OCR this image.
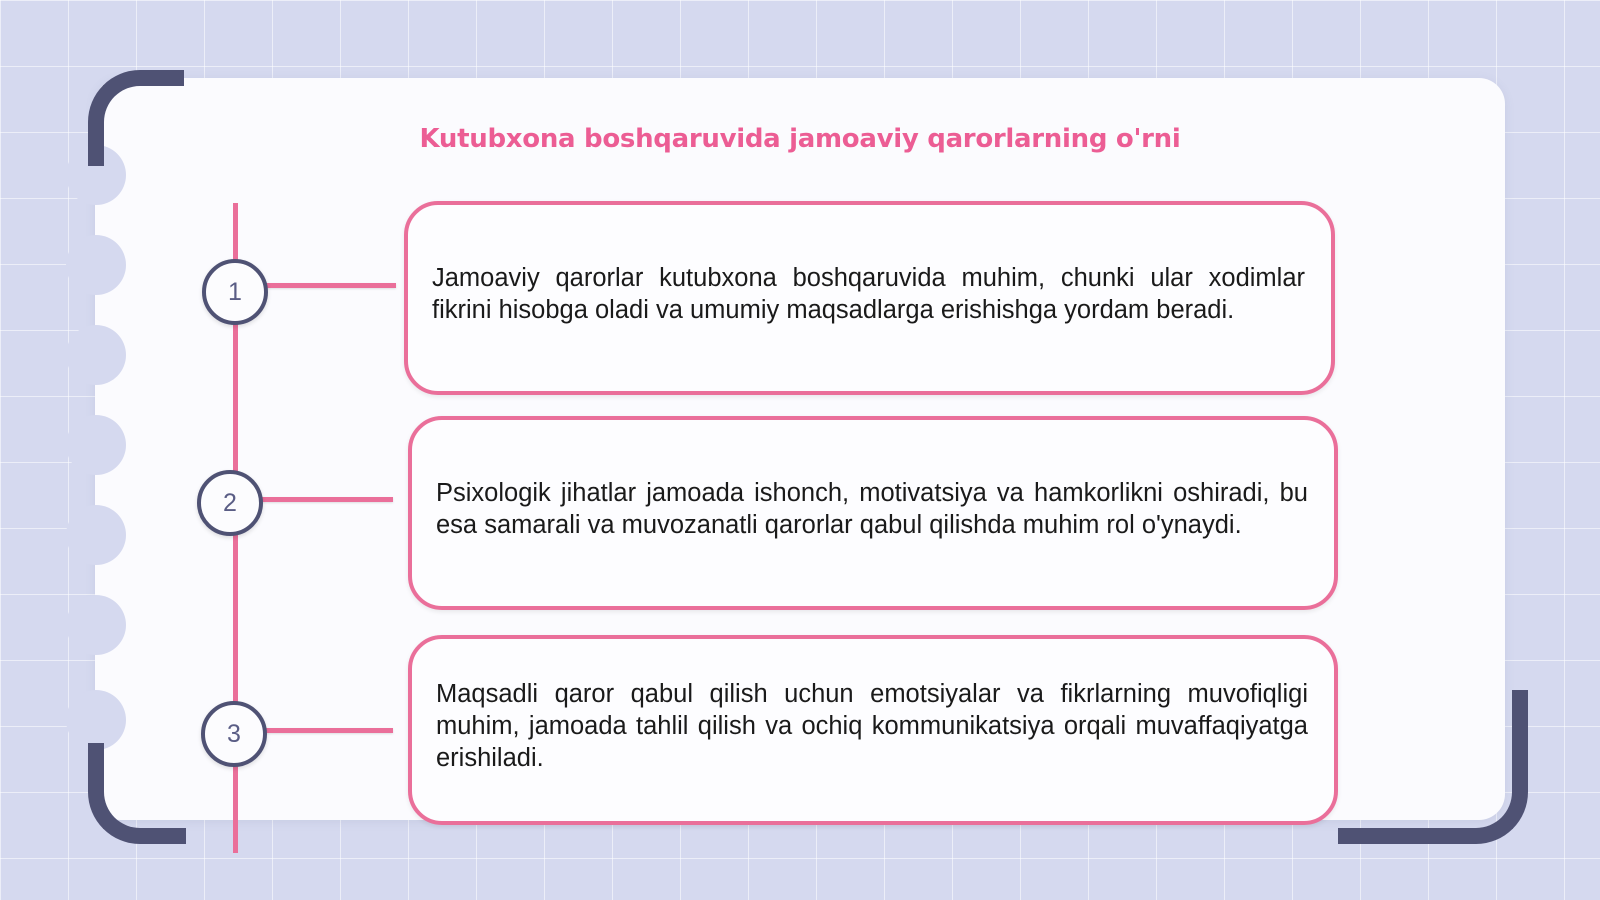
Kutubxona boshqaruvida jamoaviy qarorlarning o'rni
1	Jamoaviy qarorlar kutubxona boshqaruvida muhim, chunki ular xodimlar fikrini hisobga oladi va umumiy maqsadlarga erishishga yordam beradi.

2	Psixologik jihatlar jamoada ishonch, motivatsiya va hamkorlikni oshiradi, bu esa samarali va muvozanatli qarorlar qabul qilishda muhim rol o'ynaydi.

3

Maqsadli qaror qabul qilish uchun emotsiyalar va fikrlarning muvofiqligi muhim, jamoada tahlil qilish va ochiq kommunikatsiya orqali muvaffaqiyatga erishiladi.
